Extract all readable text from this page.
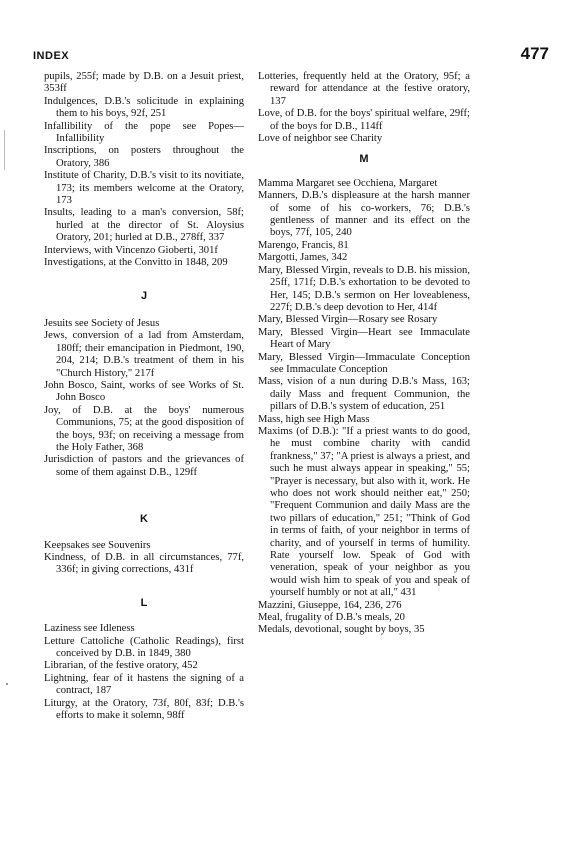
INDEX	477

pupils, 255f; made by D.B. on a Jesuit priest, 353ff

Indulgences, D.B.'s solicitude in explaining them to his boys, 92f, 251

Infallibility of the pope see Popes—Infallibility

Inscriptions, on posters throughout the Oratory, 386

Institute of Charity, D.B.'s visit to its novitiate, 173; its members welcome at the Oratory, 173

Insults, leading to a man's conversion, 58f; hurled at the director of St. Aloysius Oratory, 201; hurled at D.B., 278ff, 337

Interviews, with Vincenzo Gioberti, 301f

Investigations, at the Convitto in 1848, 209

J

Jesuits see Society of Jesus

Jews, conversion of a lad from Amsterdam, 180ff; their emancipation in Piedmont, 190, 204, 214; D.B.'s treatment of them in his "Church History," 217f

John Bosco, Saint, works of see Works of St. John Bosco

Joy, of D.B. at the boys' numerous Communions, 75; at the good disposition of the boys, 93f; on receiving a message from the Holy Father, 368

Jurisdiction of pastors and the grievances of some of them against D.B., 129ff

K

Keepsakes see Souvenirs

Kindness, of D.B. in all circumstances, 77f, 336f; in giving corrections, 431f

L

Laziness see Idleness

Letture Cattoliche (Catholic Readings), first conceived by D.B. in 1849, 380

Librarian, of the festive oratory, 452

Lightning, fear of it hastens the signing of a contract, 187

Liturgy, at the Oratory, 73f, 80f, 83f; D.B.'s efforts to make it solemn, 98ff

Lotteries, frequently held at the Oratory, 95f; a reward for attendance at the festive oratory, 137

Love, of D.B. for the boys' spiritual welfare, 29ff; of the boys for D.B., 114ff

Love of neighbor see Charity

M

Mamma Margaret see Occhiena, Margaret

Manners, D.B.'s displeasure at the harsh manner of some of his co-workers, 76; D.B.'s gentleness of manner and its effect on the boys, 77f, 105, 240

Marengo, Francis, 81

Margotti, James, 342

Mary, Blessed Virgin, reveals to D.B. his mission, 25ff, 171f; D.B.'s exhortation to be devoted to Her, 145; D.B.'s sermon on Her loveableness, 227f; D.B.'s deep devotion to Her, 414f

Mary, Blessed Virgin—Rosary see Rosary

Mary, Blessed Virgin—Heart see Immaculate Heart of Mary

Mary, Blessed Virgin—Immaculate Conception see Immaculate Conception

Mass, vision of a nun during D.B.'s Mass, 163; daily Mass and frequent Communion, the pillars of D.B.'s system of education, 251

Mass, high see High Mass

Maxims (of D.B.): "If a priest wants to do good, he must combine charity with candid frankness," 37; "A priest is always a priest, and such he must always appear in speaking," 55; "Prayer is necessary, but also with it, work. He who does not work should neither eat," 250; "Frequent Communion and daily Mass are the two pillars of education," 251; "Think of God in terms of faith, of your neighbor in terms of charity, and of yourself in terms of humility. Rate yourself low. Speak of God with veneration, speak of your neighbor as you would wish him to speak of you and speak of yourself humbly or not at all," 431

Mazzini, Giuseppe, 164, 236, 276

Meal, frugality of D.B.'s meals, 20

Medals, devotional, sought by boys, 35
